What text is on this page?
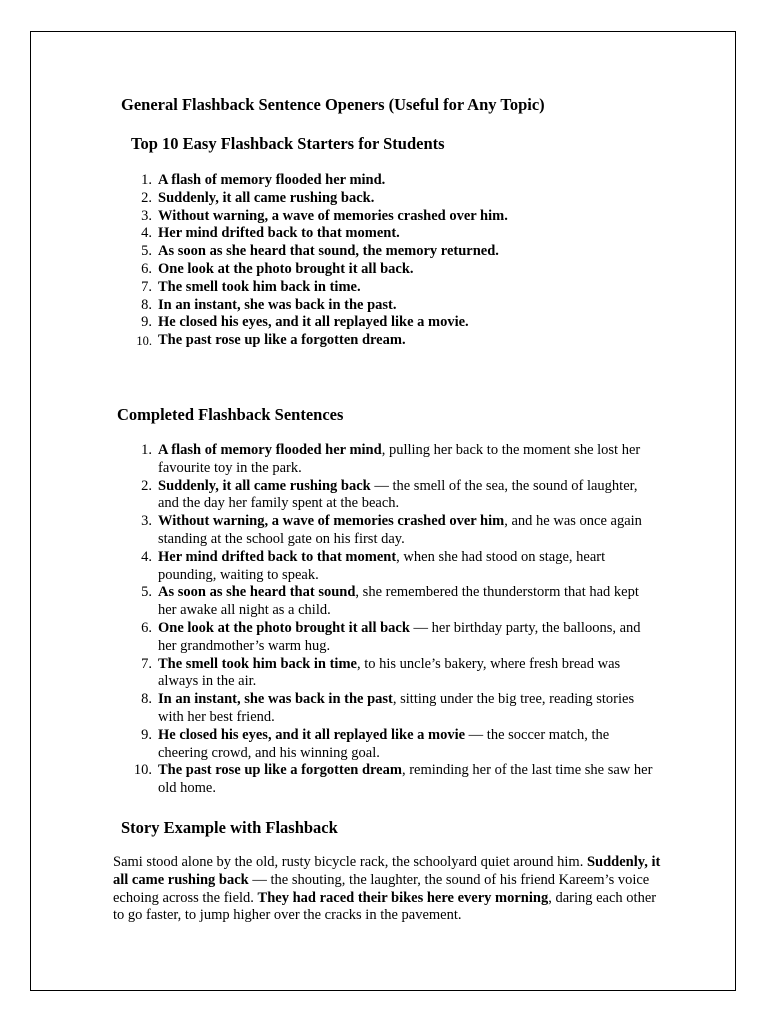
General Flashback Sentence Openers (Useful for Any Topic)
Top 10 Easy Flashback Starters for Students
1. A flash of memory flooded her mind.
2. Suddenly, it all came rushing back.
3. Without warning, a wave of memories crashed over him.
4. Her mind drifted back to that moment.
5. As soon as she heard that sound, the memory returned.
6. One look at the photo brought it all back.
7. The smell took him back in time.
8. In an instant, she was back in the past.
9. He closed his eyes, and it all replayed like a movie.
10. The past rose up like a forgotten dream.
Completed Flashback Sentences
1. A flash of memory flooded her mind, pulling her back to the moment she lost her favourite toy in the park.
2. Suddenly, it all came rushing back — the smell of the sea, the sound of laughter, and the day her family spent at the beach.
3. Without warning, a wave of memories crashed over him, and he was once again standing at the school gate on his first day.
4. Her mind drifted back to that moment, when she had stood on stage, heart pounding, waiting to speak.
5. As soon as she heard that sound, she remembered the thunderstorm that had kept her awake all night as a child.
6. One look at the photo brought it all back — her birthday party, the balloons, and her grandmother’s warm hug.
7. The smell took him back in time, to his uncle’s bakery, where fresh bread was always in the air.
8. In an instant, she was back in the past, sitting under the big tree, reading stories with her best friend.
9. He closed his eyes, and it all replayed like a movie — the soccer match, the cheering crowd, and his winning goal.
10. The past rose up like a forgotten dream, reminding her of the last time she saw her old home.
Story Example with Flashback

Sami stood alone by the old, rusty bicycle rack, the schoolyard quiet around him. Suddenly, it all came rushing back — the shouting, the laughter, the sound of his friend Kareem’s voice echoing across the field. They had raced their bikes here every morning, daring each other to go faster, to jump higher over the cracks in the pavement.
